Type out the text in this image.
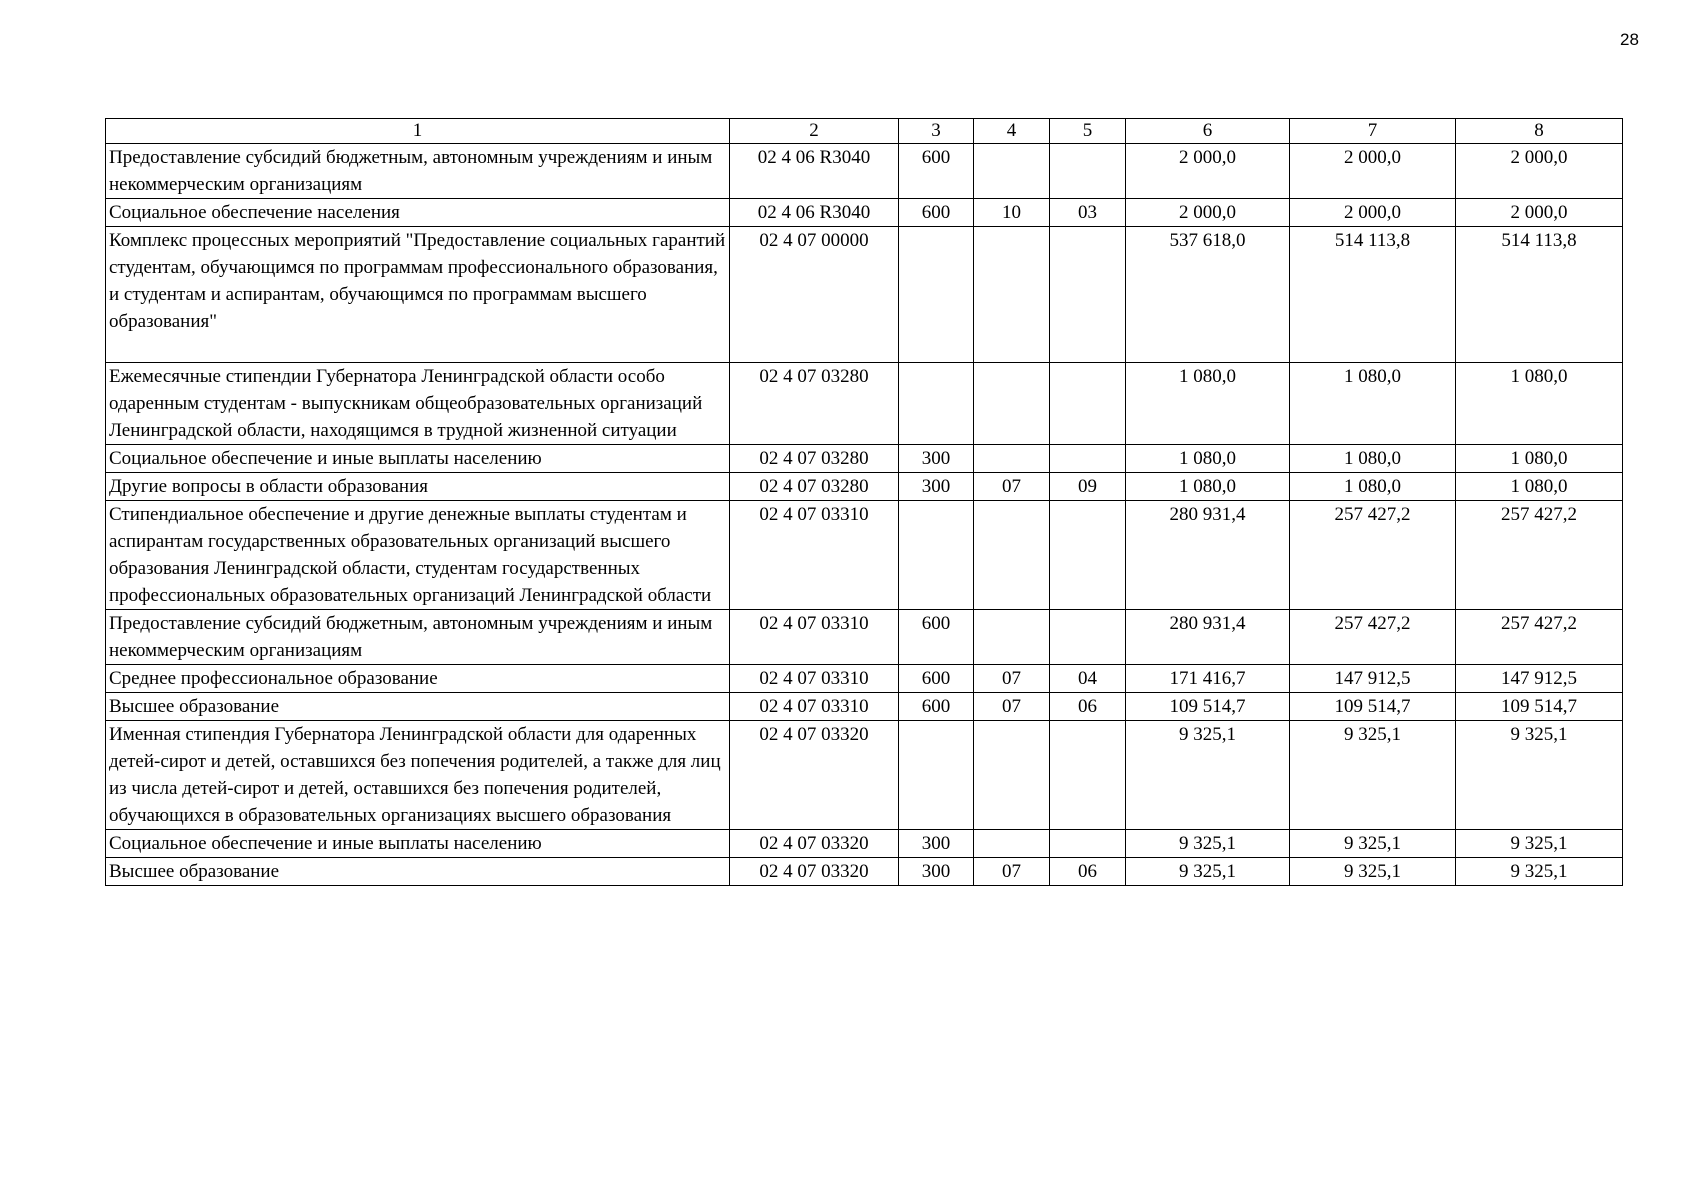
28
1	2	3	4	5	6	7	8
Предоставление субсидий бюджетным, автономным учреждениям и иным некоммерческим организациям	02 4 06 R3040	600			2 000,0	2 000,0	2 000,0
Социальное обеспечение населения	02 4 06 R3040	600	10	03	2 000,0	2 000,0	2 000,0
Комплекс процессных мероприятий "Предоставление социальных гарантий студентам, обучающимся по программам профессионального образования, и студентам и аспирантам, обучающимся по программам высшего образования"	02 4 07 00000				537 618,0	514 113,8	514 113,8
Ежемесячные стипендии Губернатора Ленинградской области особо одаренным студентам - выпускникам общеобразовательных организаций Ленинградской области, находящимся в трудной жизненной ситуации	02 4 07 03280				1 080,0	1 080,0	1 080,0
Социальное обеспечение и иные выплаты населению	02 4 07 03280	300			1 080,0	1 080,0	1 080,0
Другие вопросы в области образования	02 4 07 03280	300	07	09	1 080,0	1 080,0	1 080,0
Стипендиальное обеспечение и другие денежные выплаты студентам и аспирантам государственных образовательных организаций высшего образования Ленинградской области, студентам государственных профессиональных образовательных организаций Ленинградской области	02 4 07 03310				280 931,4	257 427,2	257 427,2
Предоставление субсидий бюджетным, автономным учреждениям и иным некоммерческим организациям	02 4 07 03310	600			280 931,4	257 427,2	257 427,2
Среднее профессиональное образование	02 4 07 03310	600	07	04	171 416,7	147 912,5	147 912,5
Высшее образование	02 4 07 03310	600	07	06	109 514,7	109 514,7	109 514,7
Именная стипендия Губернатора Ленинградской области для одаренных детей-сирот и детей, оставшихся без попечения родителей, а также для лиц из числа детей-сирот и детей, оставшихся без попечения родителей, обучающихся в образовательных организациях высшего образования	02 4 07 03320				9 325,1	9 325,1	9 325,1
Социальное обеспечение и иные выплаты населению	02 4 07 03320	300			9 325,1	9 325,1	9 325,1
Высшее образование	02 4 07 03320	300	07	06	9 325,1	9 325,1	9 325,1
